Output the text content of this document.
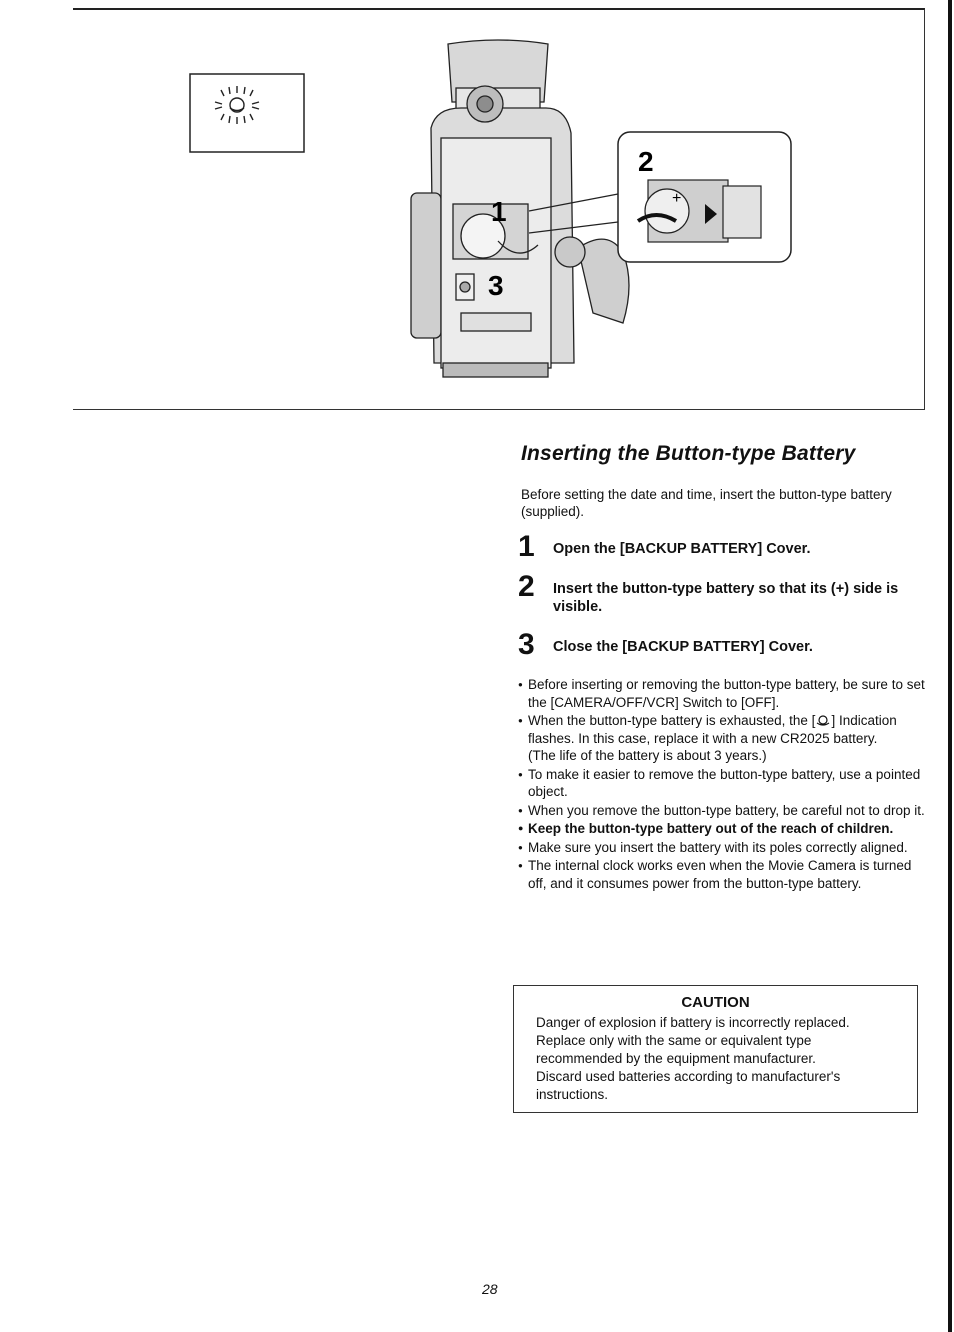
1
3
2
+
Inserting the Button-type Battery

Before setting the date and time, insert the button-type battery (supplied).

1 Open the [BACKUP BATTERY] Cover.
2 Insert the button-type battery so that its (+) side is visible.
3 Close the [BACKUP BATTERY] Cover.
● Before inserting or removing the button-type battery, be sure to set the [CAMERA/OFF/VCR] Switch to [OFF].
● When the button-type battery is exhausted, the [ ] Indication flashes. In this case, replace it with a new CR2025 battery.
(The life of the battery is about 3 years.)
● To make it easier to remove the button-type battery, use a pointed object.
● When you remove the button-type battery, be careful not to drop it.
● Keep the button-type battery out of the reach of children.
● Make sure you insert the battery with its poles correctly aligned.
● The internal clock works even when the Movie Camera is turned off, and it consumes power from the button-type battery.
CAUTION
Danger of explosion if battery is incorrectly replaced.
Replace only with the same or equivalent type
recommended by the equipment manufacturer.
Discard used batteries according to manufacturer's
instructions.
28
